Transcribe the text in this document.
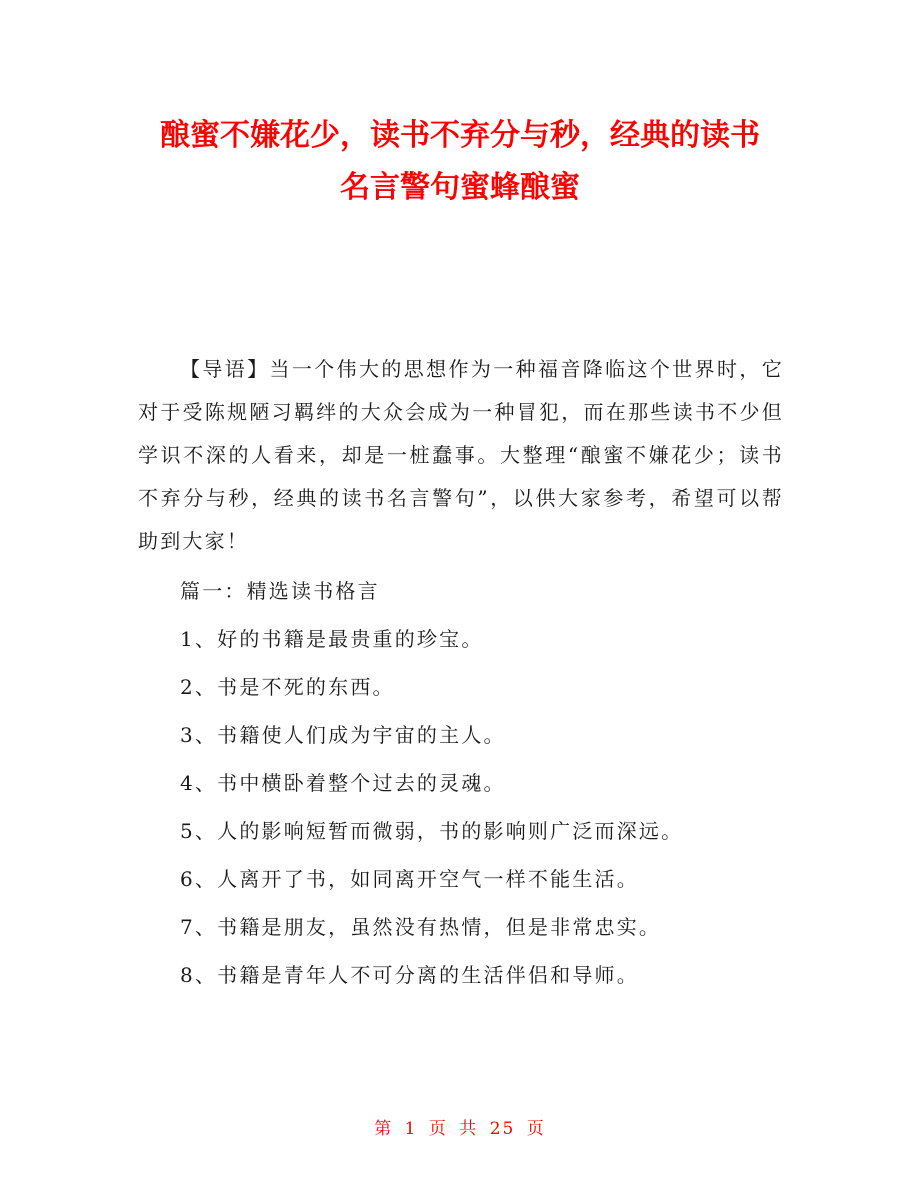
酿蜜不嫌花少，读书不弃分与秒，经典的读书
名言警句蜜蜂酿蜜

【导语】当一个伟大的思想作为一种福音降临这个世界时，它对于受陈规陋习羁绊的大众会成为一种冒犯，而在那些读书不少但学识不深的人看来，却是一桩蠢事。大整理“酿蜜不嫌花少；读书不弃分与秒，经典的读书名言警句”，以供大家参考，希望可以帮助到大家！

篇一：精选读书格言

1、好的书籍是最贵重的珍宝。

2、书是不死的东西。

3、书籍使人们成为宇宙的主人。

4、书中横卧着整个过去的灵魂。

5、人的影响短暂而微弱，书的影响则广泛而深远。

6、人离开了书，如同离开空气一样不能生活。

7、书籍是朋友，虽然没有热情，但是非常忠实。

8、书籍是青年人不可分离的生活伴侣和导师。

第 1 页 共 25 页
